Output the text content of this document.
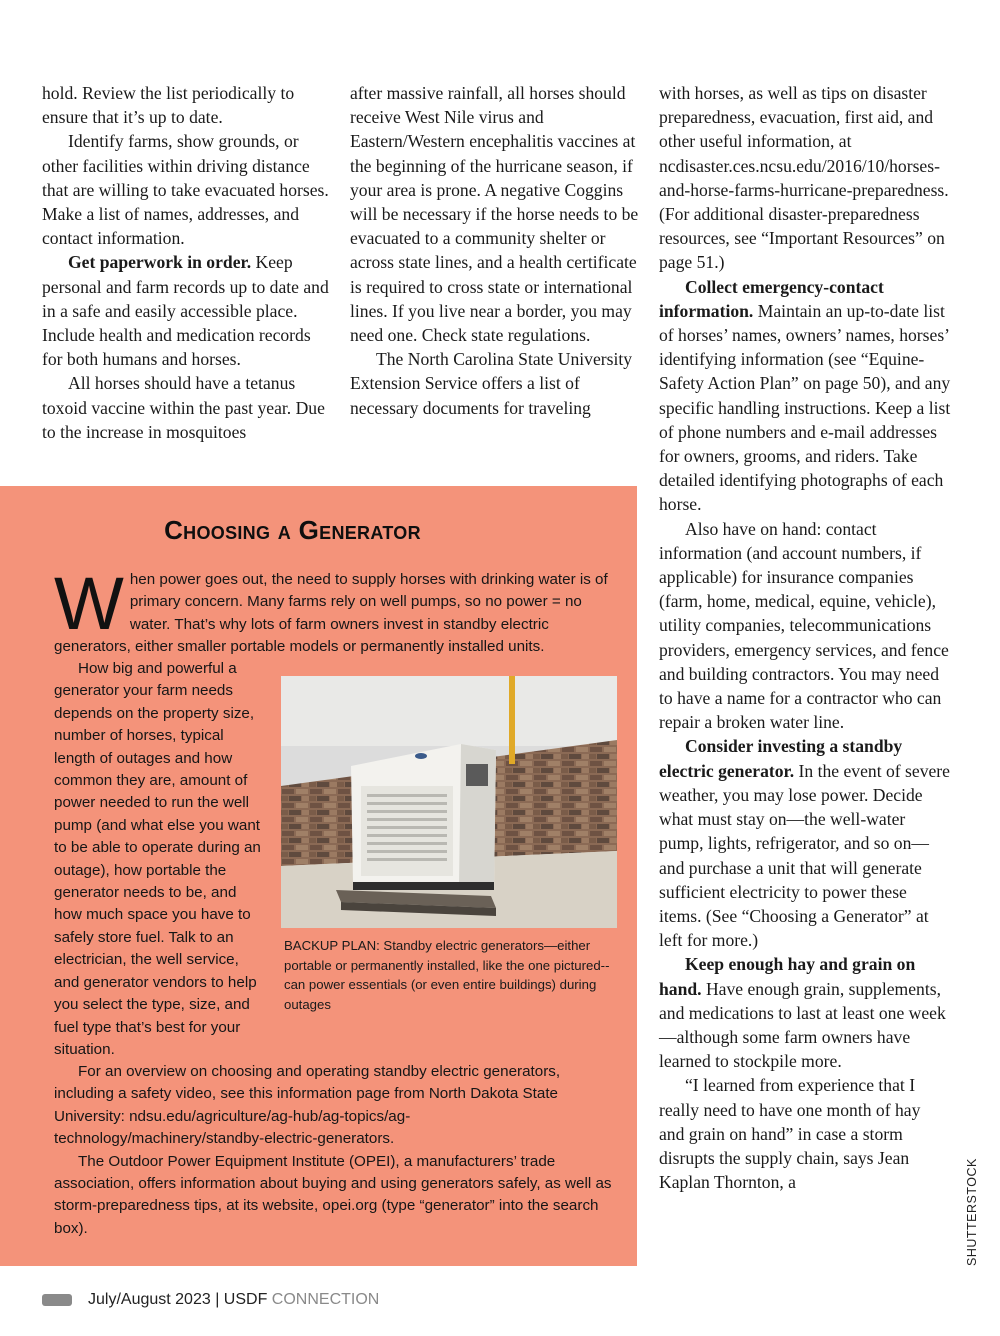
hold. Review the list periodically to ensure that it’s up to date.

Identify farms, show grounds, or other facilities within driving distance that are willing to take evacuated horses. Make a list of names, addresses, and contact information.

Get paperwork in order. Keep personal and farm records up to date and in a safe and easily accessible place. Include health and medication records for both humans and horses.

All horses should have a tetanus toxoid vaccine within the past year. Due to the increase in mosquitoes

after massive rainfall, all horses should receive West Nile virus and Eastern/Western encephalitis vaccines at the beginning of the hurricane season, if your area is prone. A negative Coggins will be necessary if the horse needs to be evacuated to a community shelter or across state lines, and a health certificate is required to cross state or international lines. If you live near a border, you may need one. Check state regulations.

The North Carolina State University Extension Service offers a list of necessary documents for traveling

with horses, as well as tips on disaster preparedness, evacuation, first aid, and other useful information, at ncdisaster.ces.ncsu.edu/2016/10/horses-and-horse-farms-hurricane-preparedness. (For additional disaster-preparedness resources, see “Important Resources” on page 51.)

Collect emergency-contact information. Maintain an up-to-date list of horses’ names, owners’ names, horses’ identifying information (see “Equine-Safety Action Plan” on page 50), and any specific handling instructions. Keep a list of phone numbers and e-mail addresses for owners, grooms, and riders. Take detailed identifying photographs of each horse.

Also have on hand: contact information (and account numbers, if applicable) for insurance companies (farm, home, medical, equine, vehicle), utility companies, telecommunications providers, emergency services, and fence and building contractors. You may need to have a name for a contractor who can repair a broken water line.

Consider investing a standby electric generator. In the event of severe weather, you may lose power. Decide what must stay on—the well-water pump, lights, refrigerator, and so on—and purchase a unit that will generate sufficient electricity to power these items. (See “Choosing a Generator” at left for more.)

Keep enough hay and grain on hand. Have enough grain, supplements, and medications to last at least one week—although some farm owners have learned to stockpile more.

“I learned from experience that I really need to have one month of hay and grain on hand” in case a storm disrupts the supply chain, says Jean Kaplan Thornton, a

Choosing a Generator
W hen power goes out, the need to supply horses with drinking water is of primary concern. Many farms rely on well pumps, so no power = no water. That’s why lots of farm owners invest in standby electric generators, either smaller portable models or permanently installed units.
How big and powerful a generator your farm needs depends on the property size, number of horses, typical length of outages and how common they are, amount of power needed to run the well pump (and what else you want to be able to operate during an outage), how portable the generator needs to be, and how much space you have to safely store fuel. Talk to an electrician, the well service, and generator vendors to help you select the type, size, and fuel type that’s best for your situation.

For an overview on choosing and operating standby electric generators, including a safety video, see this information page from North Dakota State University: ndsu.edu/agriculture/ag-hub/ag-topics/ag-technology/machinery/standby-electric-generators.

The Outdoor Power Equipment Institute (OPEI), a manufacturers’ trade association, offers information about buying and using generators safely, as well as storm-preparedness tips, at its website, opei.org (type “generator” into the search box).

BACKUP PLAN: Standby electric generators—either portable or permanently installed, like the one pictured--can power essentials (or even entire buildings) during outages
SHUTTERSTOCK
July/August 2023 | USDF CONNECTION
